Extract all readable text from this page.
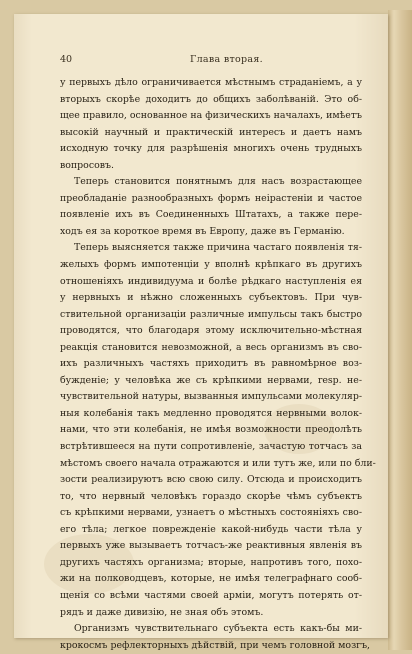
40	Глава вторая.
у первыхъ дѣло ограничивается мѣстнымъ страданіемъ, а у
вторыхъ скорѣе доходитъ до общихъ заболѣваній. Это об-
щее правило, основанное на физическихъ началахъ, имѣетъ
высокій научный и практическій интересъ и даетъ намъ
исходную точку для разрѣшенія многихъ очень трудныхъ
вопросовъ.
Теперь становится понятнымъ для насъ возрастающее
преобладаніе разнообразныхъ формъ неірастеніи и частое
появленіе ихъ въ Соединенныхъ Штатахъ, а также пере-
ходъ ея за короткое время въ Европу, даже въ Германію.
Теперь выясняется также причина частаго появленія тя-
желыхъ формъ импотенціи у вполнѣ крѣпкаго въ другихъ
отношеніяхъ индивидуума и болѣе рѣдкаго наступленія ея
у нервныхъ и нѣжно сложенныхъ субъектовъ. При чув-
ствительной организаціи различные импульсы такъ быстро
проводятся, что благодаря этому исключительно-мѣстная
реакція становится невозможной, а весь организмъ въ сво-
ихъ различныхъ частяхъ приходитъ въ равномѣрное воз-
бужденіе; у человѣка же съ крѣпкими нервами, resp. не-
чувствительной натуры, вызванныя импульсами молекуляр-
ныя колебанія такъ медленно проводятся нервными волок-
нами, что эти колебанія, не имѣя возможности преодолѣть
встрѣтившееся на пути сопротивленіе, зачастую тотчасъ за
мѣстомъ своего начала отражаются и или тутъ же, или по бли-
зости реализируютъ всю свою силу. Отсюда и происходитъ
то, что нервный человѣкъ гораздо скорѣе чѣмъ субъектъ
съ крѣпкими нервами, узнаетъ о мѣстныхъ состояніяхъ сво-
его тѣла; легкое поврежденіе какой-нибудь части тѣла у
первыхъ уже вызываетъ тотчасъ-же реактивныя явленія въ
другихъ частяхъ организма; вторые, напротивъ того, похо-
жи на полководцевъ, которые, не имѣя телеграфнаго сооб-
щенія со всѣми частями своей арміи, могутъ потерять от-
рядъ и даже дивизію, не зная объ этомъ.
Организмъ чувствительнаго субъекта есть какъ-бы ми-
крокосмъ рефлекторныхъ дѣйствій, при чемъ головной мозгъ,
